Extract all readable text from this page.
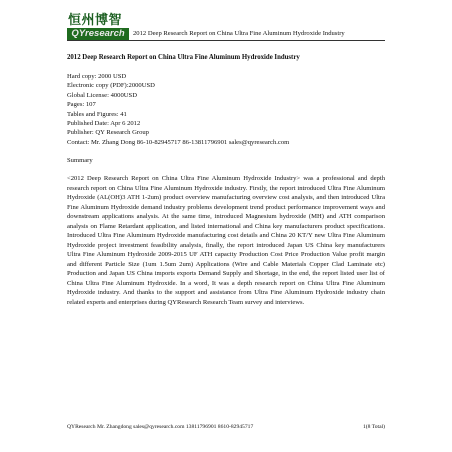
恒州博智
QYresearch	2012 Deep Research Report on China Ultra Fine Aluminum Hydroxide Industry
2012 Deep Research Report on China Ultra Fine Aluminum Hydroxide Industry
Hard copy: 2000 USD
Electronic copy (PDF):2000USD
Global License: 4000USD
Pages: 107
Tables and Figures: 41
Published Date: Apr 6 2012
Publisher: QY Research Group
Contact: Mr. Zhang Dong 86-10-82945717 86-13811796901 sales@qyresearch.com
Summary

<2012 Deep Research Report on China Ultra Fine Aluminum Hydroxide Industry> was a professional and depth research report on China Ultra Fine Aluminum Hydroxide industry. Firstly, the report introduced Ultra Fine Aluminum Hydroxide (AL(OH)3 ATH 1-2um) product overview manufacturing overview cost analysis, and then introduced Ultra Fine Aluminum Hydroxide demand industry problems development trend product performance improvement ways and downstream applications analysis. At the same time, introduced Magnesium hydroxide (MH) and ATH comparison analysis on Flame Retardant application, and listed international and China key manufacturers product specifications. Introduced Ultra Fine Aluminum Hydroxide manufacturing cost details and China 20 KT/Y new Ultra Fine Aluminum Hydroxide project investment feasibility analysis, finally, the report introduced Japan US China key manufacturers Ultra Fine Aluminum Hydroxide 2009-2015 UF ATH capacity Production Cost Price Production Value profit margin and different Particle Size (1um 1.5um 2um) Applications (Wire and Cable Materials Copper Clad Laminate etc) Production and Japan US China imports exports Demand Supply and Shortage, in the end, the report listed user list of China Ultra Fine Aluminum Hydroxide. In a word, It was a depth research report on China Ultra Fine Aluminum Hydroxide industry. And thanks to the support and assistance from Ultra Fine Aluminum Hydroxide industry chain related experts and enterprises during QYResearch Research Team survey and interviews.

QYResearch Mr. Zhangdong sales@qyresearch.com 13811796901 8610-82945717	1(8 Total)
